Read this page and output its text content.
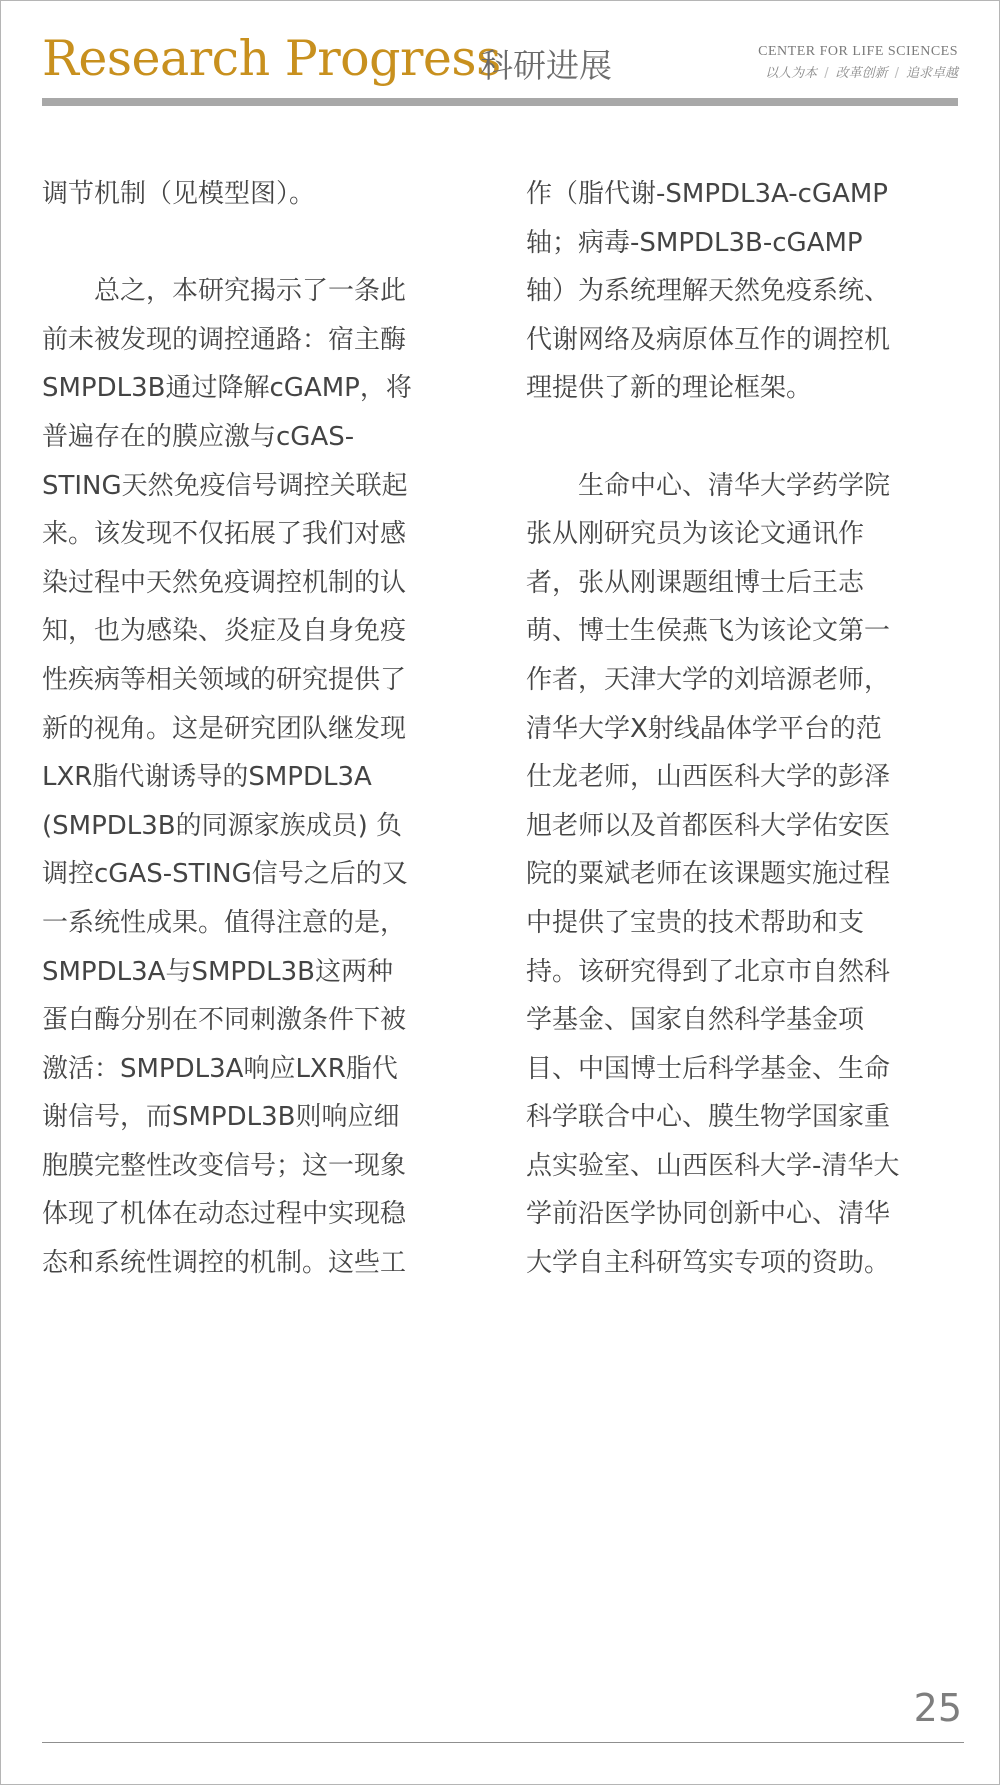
Research Progress
科研进展	CENTER FOR LIFE SCIENCES
以人为本 / 改革创新 / 追求卓越
调节机制（见模型图）。
　　总之，本研究揭示了一条此
前未被发现的调控通路：宿主酶
SMPDL3B通过降解cGAMP，将
普遍存在的膜应激与cGAS-
STING天然免疫信号调控关联起
来。该发现不仅拓展了我们对感
染过程中天然免疫调控机制的认
知，也为感染、炎症及自身免疫
性疾病等相关领域的研究提供了
新的视角。这是研究团队继发现
LXR脂代谢诱导的SMPDL3A
(SMPDL3B的同源家族成员) 负
调控cGAS-STING信号之后的又
一系统性成果。值得注意的是，
SMPDL3A与SMPDL3B这两种
蛋白酶分别在不同刺激条件下被
激活：SMPDL3A响应LXR脂代
谢信号，而SMPDL3B则响应细
胞膜完整性改变信号；这一现象
体现了机体在动态过程中实现稳
态和系统性调控的机制。这些工
作（脂代谢-SMPDL3A-cGAMP
轴；病毒-SMPDL3B-cGAMP
轴）为系统理解天然免疫系统、
代谢网络及病原体互作的调控机
理提供了新的理论框架。
　　生命中心、清华大学药学院
张从刚研究员为该论文通讯作
者，张从刚课题组博士后王志
萌、博士生侯燕飞为该论文第一
作者，天津大学的刘培源老师，
清华大学X射线晶体学平台的范
仕龙老师，山西医科大学的彭泽
旭老师以及首都医科大学佑安医
院的粟斌老师在该课题实施过程
中提供了宝贵的技术帮助和支
持。该研究得到了北京市自然科
学基金、国家自然科学基金项
目、中国博士后科学基金、生命
科学联合中心、膜生物学国家重
点实验室、山西医科大学-清华大
学前沿医学协同创新中心、清华
大学自主科研笃实专项的资助。
25
